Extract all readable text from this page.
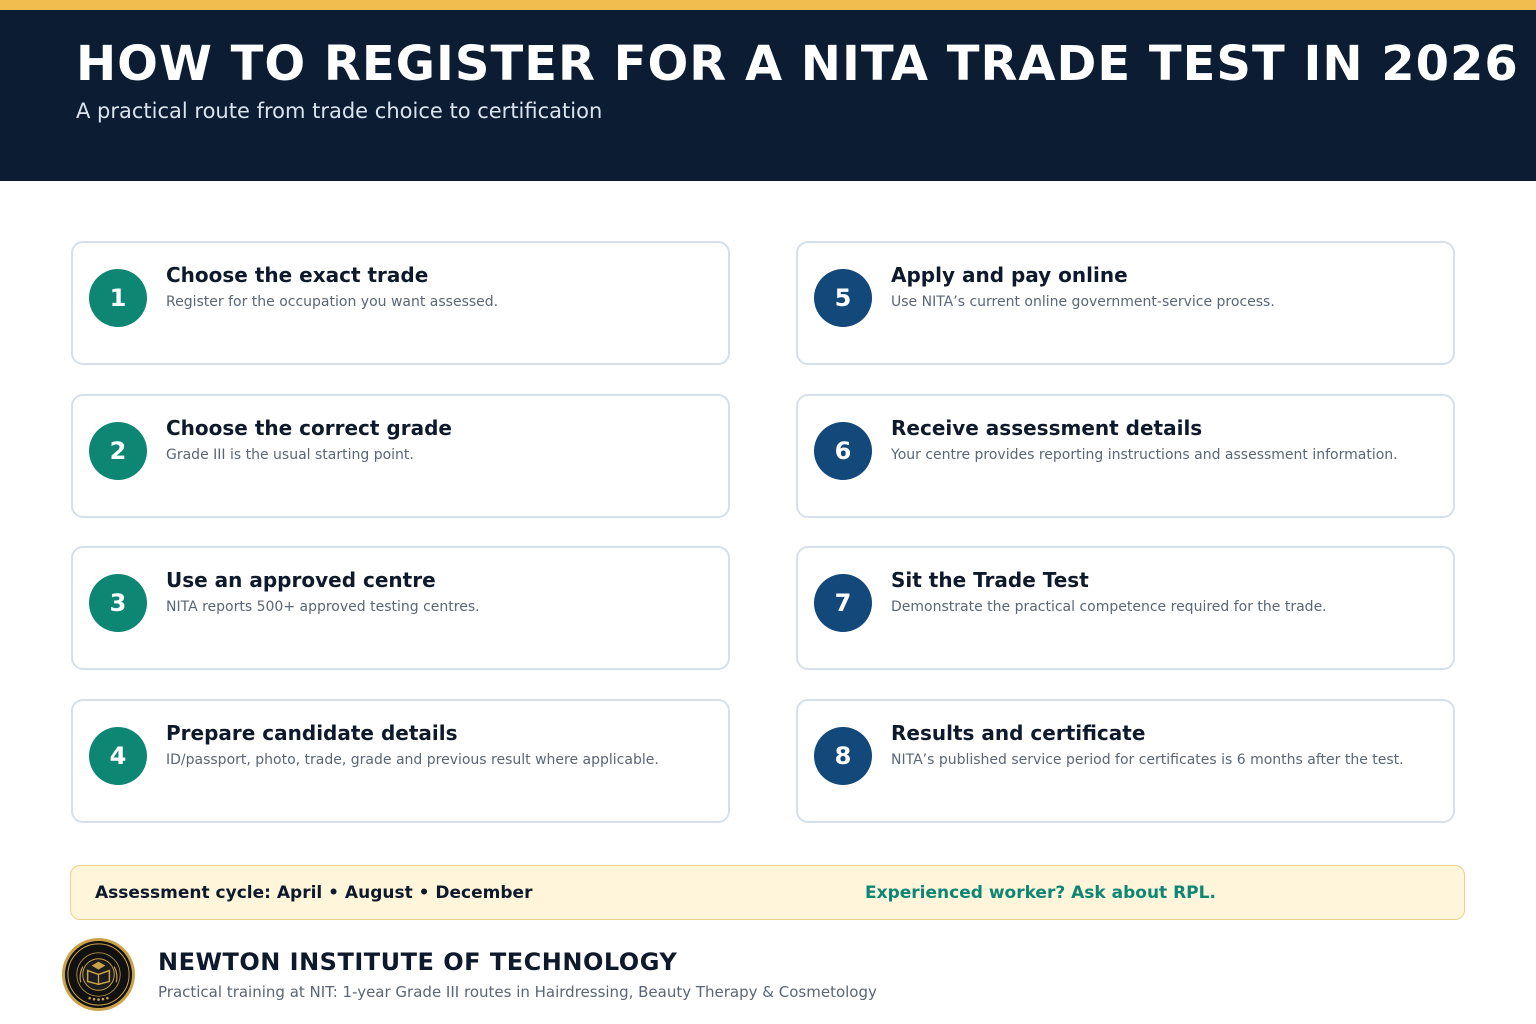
HOW TO REGISTER FOR A NITA TRADE TEST IN 2026
A practical route from trade choice to certification
1
Choose the exact trade
Register for the occupation you want assessed.
2
Choose the correct grade
Grade III is the usual starting point.
3
Use an approved centre
NITA reports 500+ approved testing centres.
4
Prepare candidate details
ID/passport, photo, trade, grade and previous result where applicable.
5
Apply and pay online
Use NITA’s current online government-service process.
6
Receive assessment details
Your centre provides reporting instructions and assessment information.
7
Sit the Trade Test
Demonstrate the practical competence required for the trade.
8
Results and certificate
NITA’s published service period for certificates is 6 months after the test.
Assessment cycle: April • August • December	Experienced worker? Ask about RPL.
NEWTON INSTITUTE OF TECHNOLOGY
Practical training at NIT: 1-year Grade III routes in Hairdressing, Beauty Therapy & Cosmetology
